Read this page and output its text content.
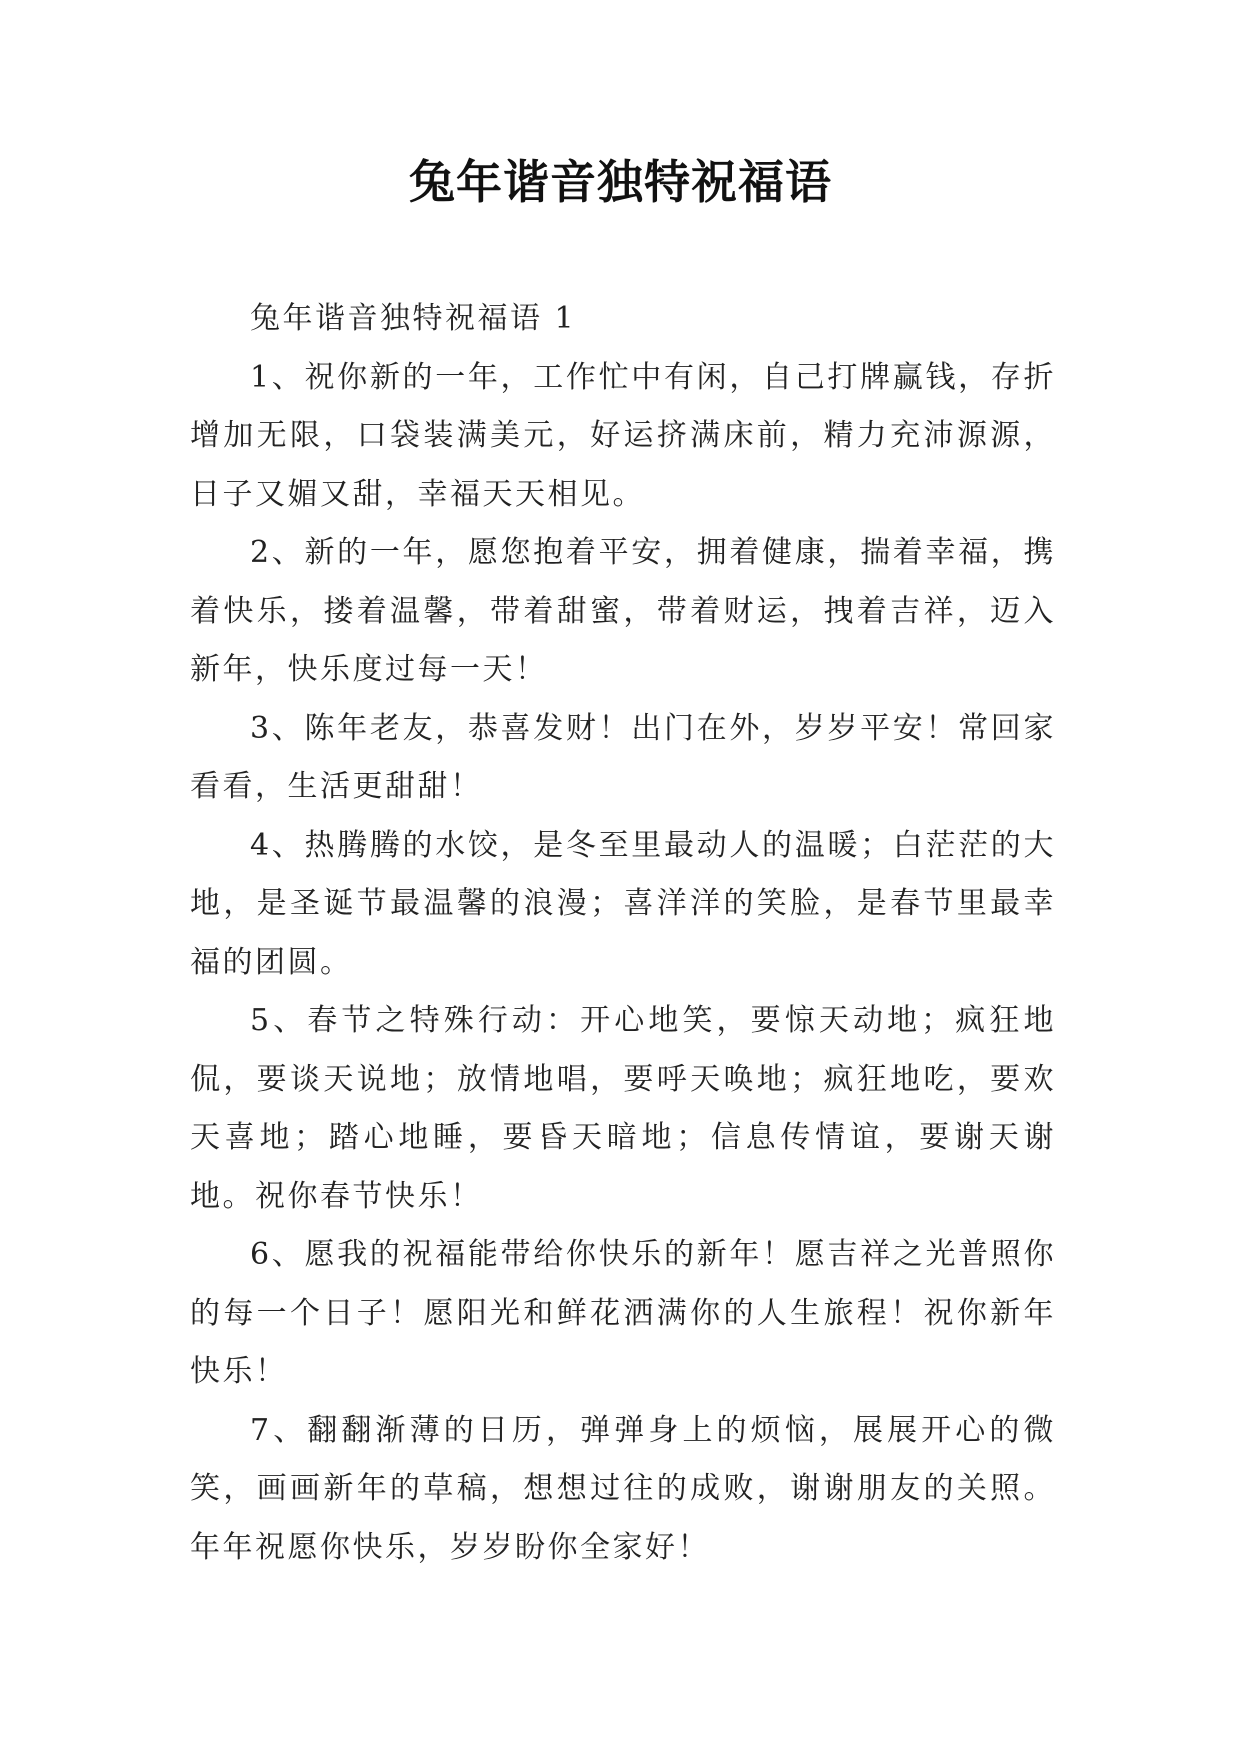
兔年谐音独特祝福语

兔年谐音独特祝福语 1

1、祝你新的一年，工作忙中有闲，自己打牌赢钱，存折增加无限，口袋装满美元，好运挤满床前，精力充沛源源，日子又媚又甜，幸福天天相见。

2、新的一年，愿您抱着平安，拥着健康，揣着幸福，携着快乐，搂着温馨，带着甜蜜，带着财运，拽着吉祥，迈入新年，快乐度过每一天！

3、陈年老友，恭喜发财！出门在外，岁岁平安！常回家看看，生活更甜甜！

4、热腾腾的水饺，是冬至里最动人的温暖；白茫茫的大地，是圣诞节最温馨的浪漫；喜洋洋的笑脸，是春节里最幸福的团圆。

5、春节之特殊行动：开心地笑，要惊天动地；疯狂地侃，要谈天说地；放情地唱，要呼天唤地；疯狂地吃，要欢天喜地；踏心地睡，要昏天暗地；信息传情谊，要谢天谢地。祝你春节快乐！

6、愿我的祝福能带给你快乐的新年！愿吉祥之光普照你的每一个日子！愿阳光和鲜花洒满你的人生旅程！祝你新年快乐！

7、翻翻渐薄的日历，弹弹身上的烦恼，展展开心的微笑，画画新年的草稿，想想过往的成败，谢谢朋友的关照。年年祝愿你快乐，岁岁盼你全家好！
